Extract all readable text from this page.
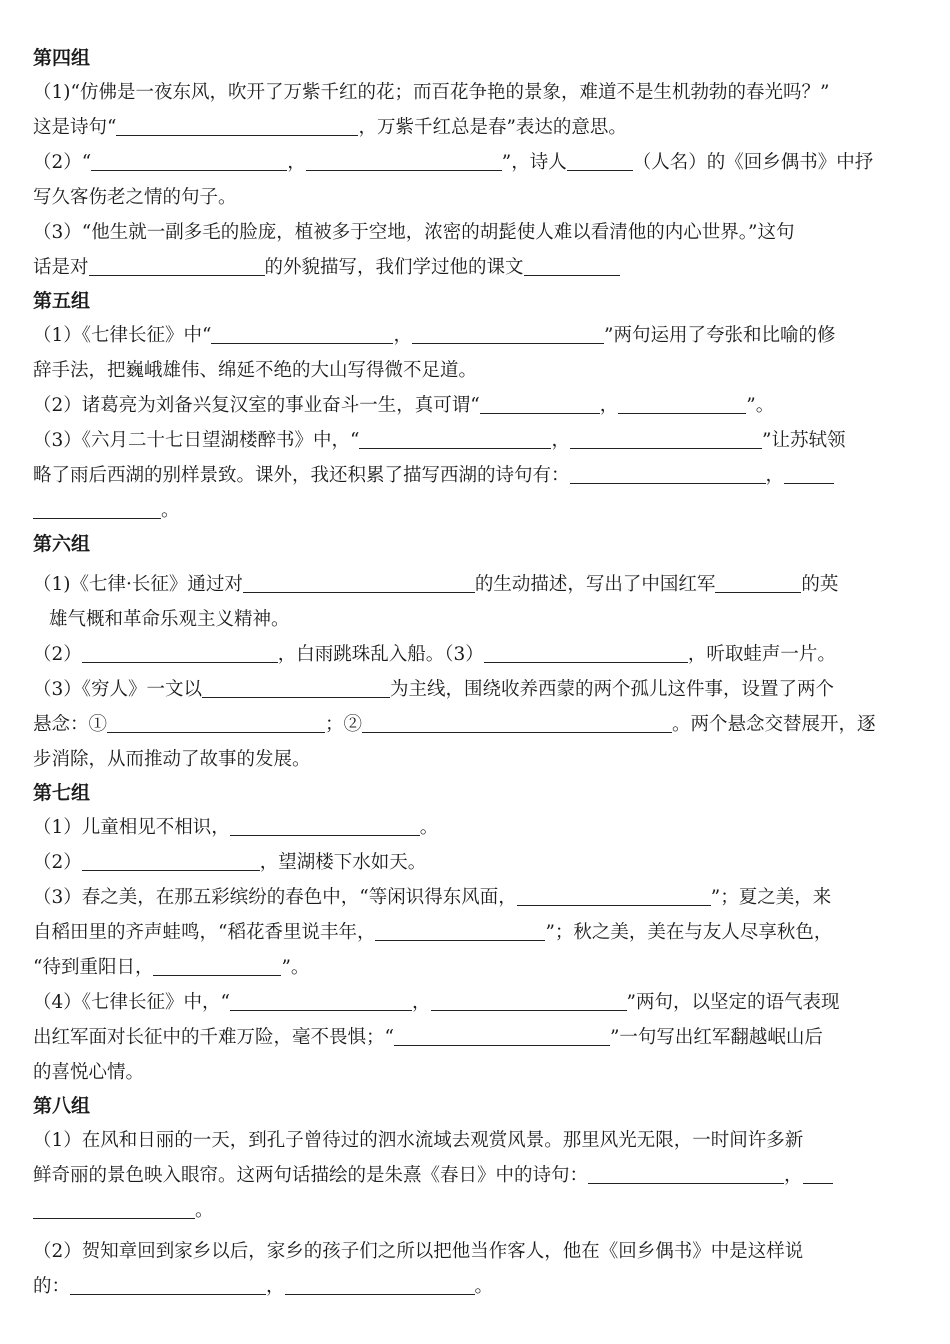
第四组
（1)“仿佛是一夜东风，吹开了万紫千红的花；而百花争艳的景象，难道不是生机勃勃的春光吗？”
这是诗句“	，万紫千红总是春”表达的意思。
（2）“	，	”，诗人	（人名）的《回乡偶书》中抒
写久客伤老之情的句子。
（3）“他生就一副多毛的脸庞，植被多于空地，浓密的胡髭使人难以看清他的内心世界。”这句
话是对	的外貌描写，我们学过他的课文
第五组
（1）《七律长征》中“	，	”两句运用了夸张和比喻的修
辞手法，把巍峨雄伟、绵延不绝的大山写得微不足道。
（2）诸葛亮为刘备兴复汉室的事业奋斗一生，真可谓“	，	”。
（3）《六月二十七日望湖楼醉书》中，“	，	”让苏轼领
略了雨后西湖的别样景致。课外，我还积累了描写西湖的诗句有：	，
。
第六组
（1)《七律·长征》通过对	的生动描述，写出了中国红军	的英
雄气概和革命乐观主义精神。
（2）	，白雨跳珠乱入船。（3）	，听取蛙声一片。
（3）《穷人》一文以	为主线，围绕收养西蒙的两个孤儿这件事，设置了两个
悬念：①	；②	。两个悬念交替展开，逐
步消除，从而推动了故事的发展。
第七组
（1）儿童相见不相识，	。
（2）	，望湖楼下水如天。
（3）春之美，在那五彩缤纷的春色中，“等闲识得东风面，	”；夏之美，来
自稻田里的齐声蛙鸣，“稻花香里说丰年，	”；秋之美，美在与友人尽享秋色，
“待到重阳日，	”。
（4）《七律长征》中，“	，	”两句，以坚定的语气表现
出红军面对长征中的千难万险，毫不畏惧；“	”一句写出红军翻越岷山后
的喜悦心情。
第八组
（1）在风和日丽的一天，到孔子曾待过的泗水流域去观赏风景。那里风光无限，一时间许多新
鲜奇丽的景色映入眼帘。这两句话描绘的是朱熹《春日》中的诗句：	，
。
（2）贺知章回到家乡以后，家乡的孩子们之所以把他当作客人，他在《回乡偶书》中是这样说
的：	，	。
